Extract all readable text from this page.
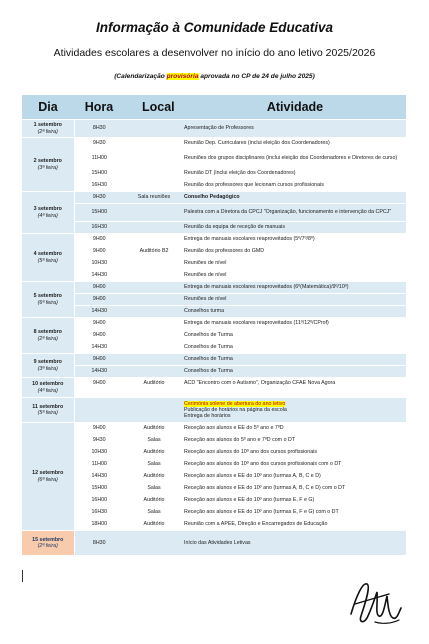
Informação à Comunidade Educativa
Atividades escolares a desenvolver no início do ano letivo 2025/2026
(Calendarização provisória aprovada no CP de 24 de julho 2025)
Dia	Hora	Local	Atividade

1 setembro
(2ª feira)	8H30		Apresentação de Professores

2 setembro
(3ª feira)	9H30		Reunião Dep. Curriculares (inclui eleição dos Coordenadores)
	11H00		Reuniões dos grupos disciplinares (inclui eleição dos Coordenadores e Diretores de curso)
	15H00		Reunião DT (inclui eleição dos Coordenadores)
	16H30		Reunião dos professores que lecionam cursos profissionais

3 setembro
(4ª feira)	9H30	Sala reuniões	Conselho Pedagógico
	15H00		Palestra com a Diretora da CPCJ "Organização, funcionamento e intervenção da CPCJ"
	16H30		Reunião da equipa de receção de manuais

4 setembro
(5ª feira)	9H00		Entrega de manuais escolares reaproveitados (5º/7º/8º)
	9H00	Auditório B2	Reunião dos professores do GMD
	10H30		Reuniões de nível
	14H30		Reuniões de nível

5 setembro
(6ª feira)	9H00		Entrega de manuais escolares reaproveitados (6º(Matemática)/9º/10º)
	9H00		Reuniões de nível
	14H30		Conselhos turma

8 setembro
(2ª feira)	9H00		Entrega de manuais escolares reaproveitados (11º/12º/CProf)
	9H00		Conselhos de Turma
	14H30		Conselhos de Turma

9 setembro
(3ª feira)	9H00		Conselhos de Turma
	14H30		Conselhos de Turma

10 setembro
(4ª feira)	9H00	Auditório	ACD "Encontro com o Autismo", Organização CFAE Nova Agora

11 setembro
(5ª feira)			Cerimónia solene de abertura do ano letivo
Publicação de horários na página da escola
Entrega de horários

12 setembro
(6ª feira)	9H00	Auditório	Receção aos alunos e EE do 5º ano e 7ºD
	9H30	Salas	Receção aos alunos do 5º ano e 7ºD com o DT
	10H30	Auditório	Receção aos alunos do 10º ano dos cursos profissionais
	11H00	Salas	Receção aos alunos do 10º ano dos cursos profissionais com o DT
	14H30	Auditório	Receção aos alunos e EE do 10º ano (turmas A, B, C e D)
	15H00	Salas	Receção aos alunos e EE do 10º ano (turmas A, B, C e D) com o DT
	16H00	Auditório	Receção aos alunos e EE do 10º ano (turmas E, F e G)
	16H30	Salas	Receção aos alunos e EE do 10º ano (turmas E, F e G) com o DT
	18H00	Auditório	Reunião com a APEE, Direção e Encarregados de Educação

15 setembro
(2ª feira)	8H30		Início das Atividades Letivas
